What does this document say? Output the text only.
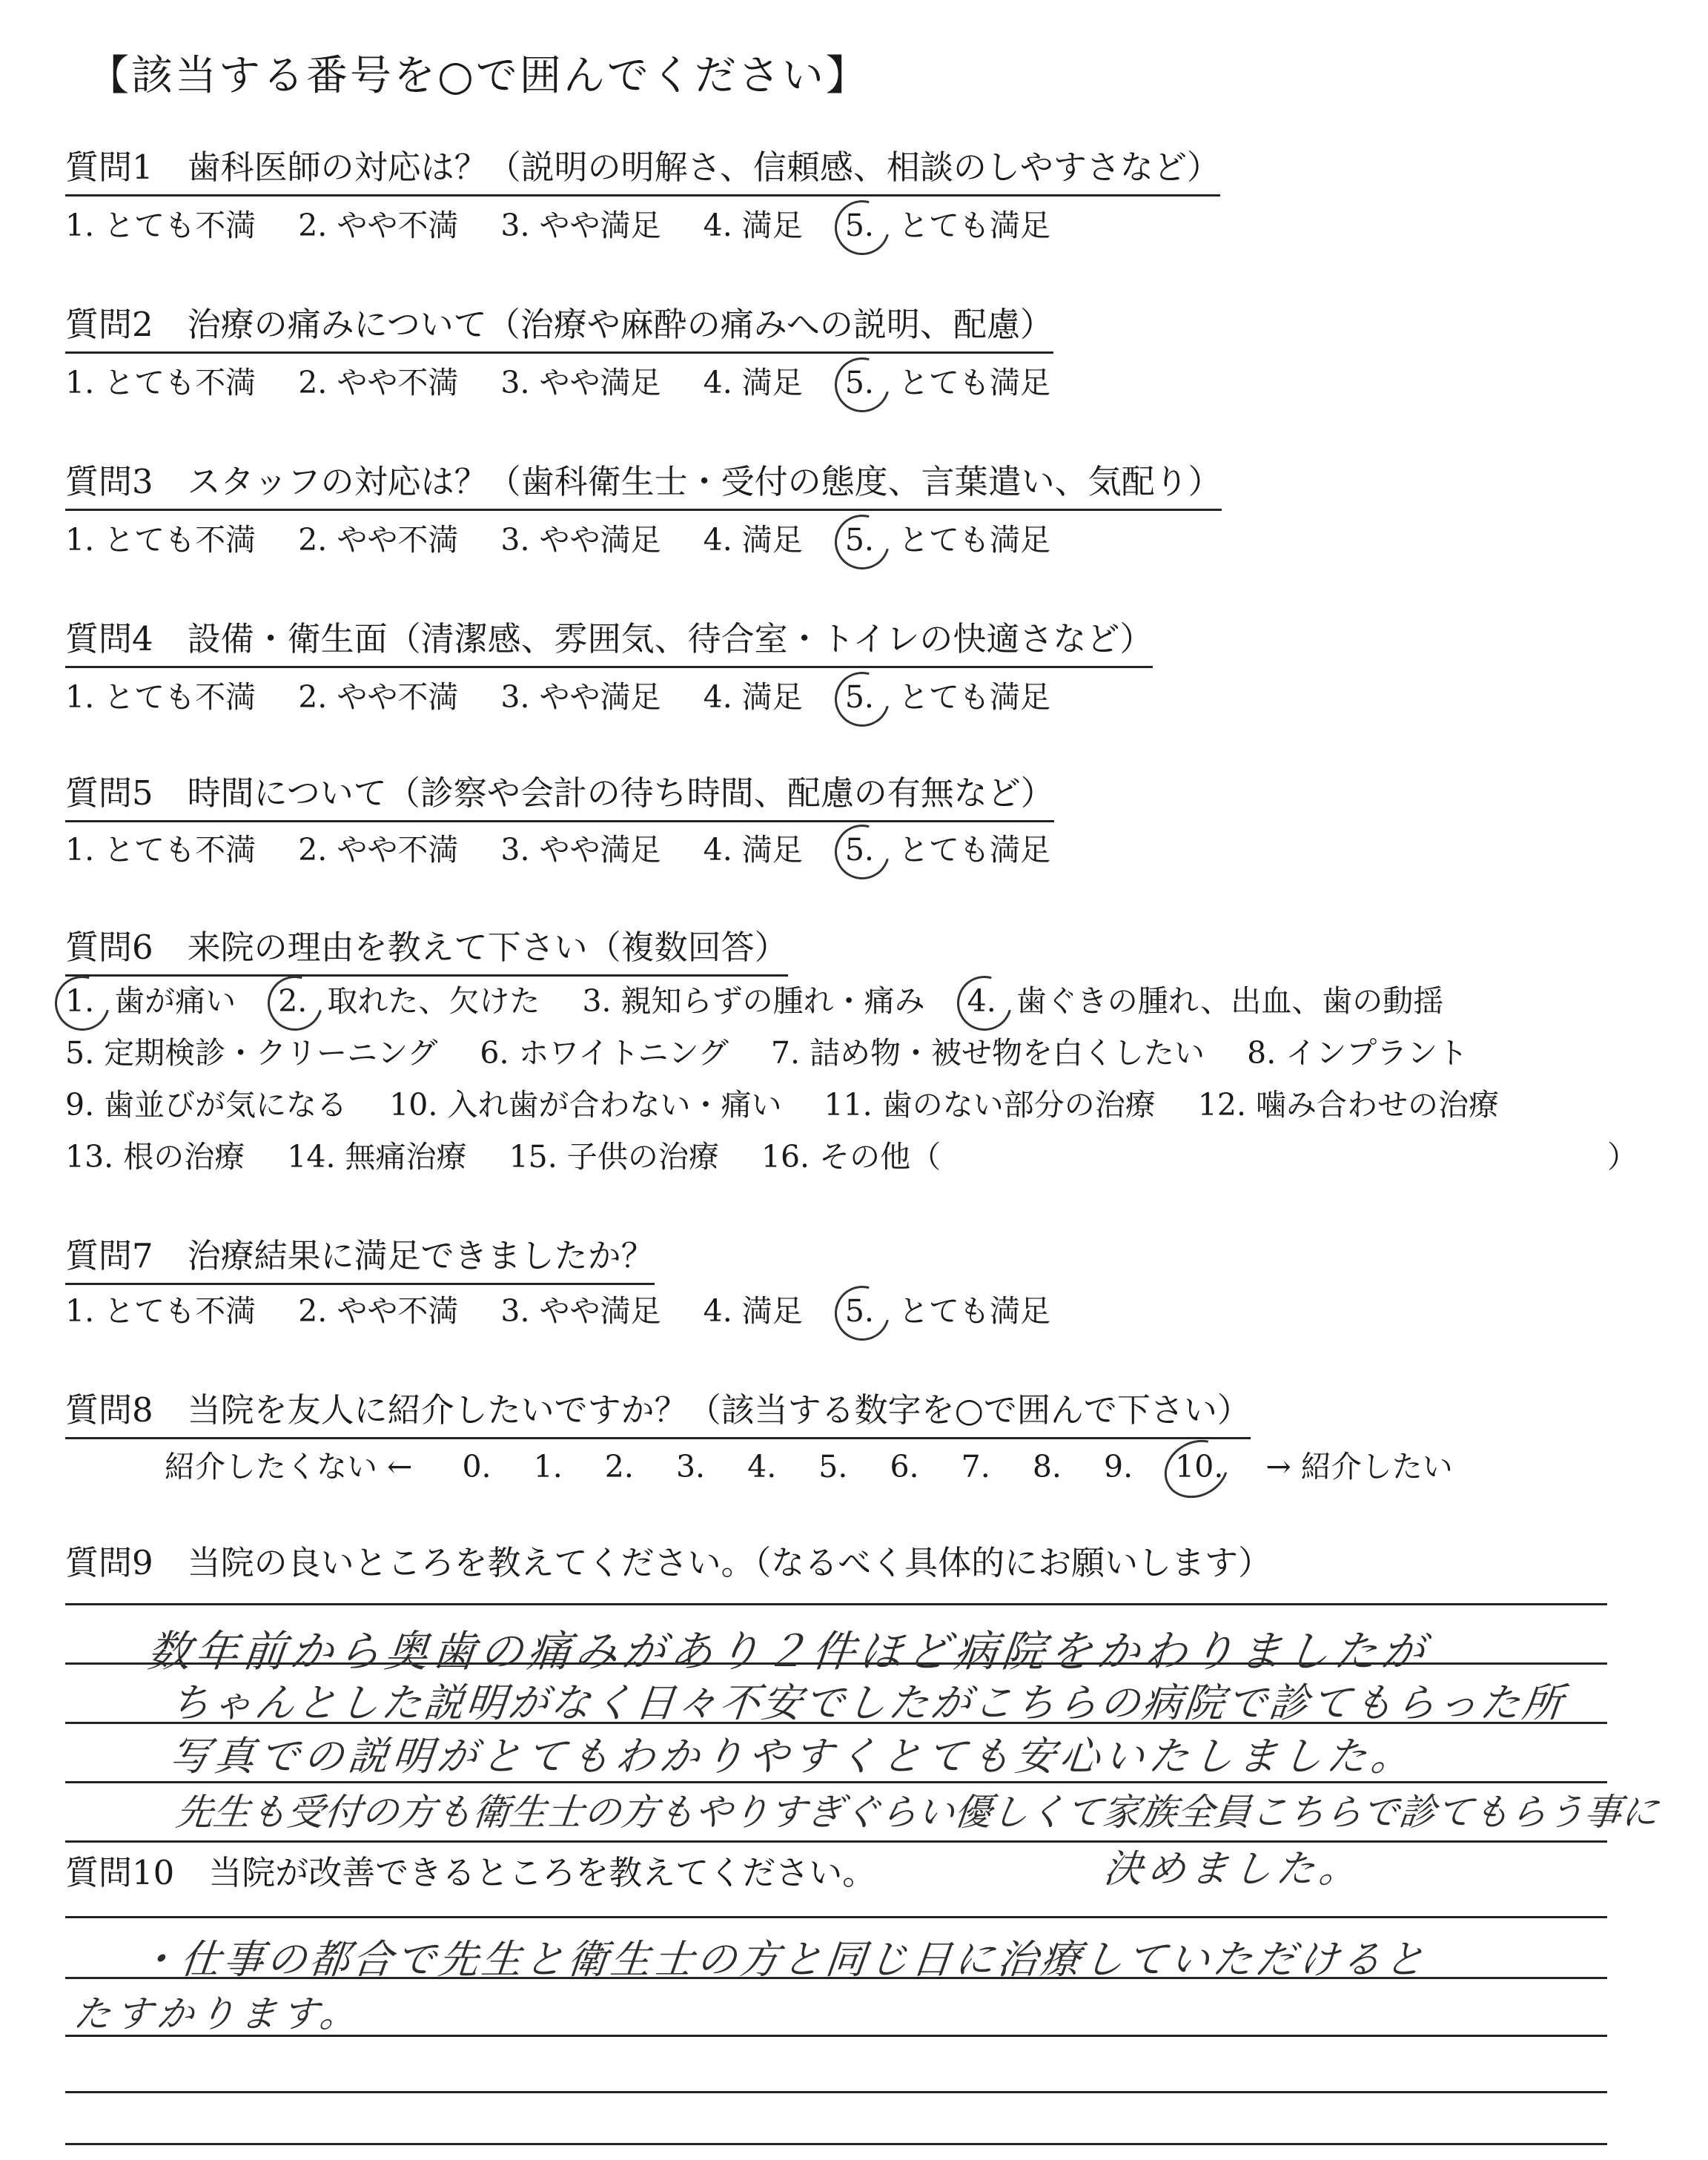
【該当する番号を○で囲んでください】
質問1 歯科医師の対応は？（説明の明解さ、信頼感、相談のしやすさなど）
1. とても不満 2. やや不満 3. やや満足 4. 満足 5. とても満足
質問2 治療の痛みについて（治療や麻酔の痛みへの説明、配慮）
1. とても不満 2. やや不満 3. やや満足 4. 満足 5. とても満足
質問3 スタッフの対応は？（歯科衛生士・受付の態度、言葉遣い、気配り）
1. とても不満 2. やや不満 3. やや満足 4. 満足 5. とても満足
質問4 設備・衛生面（清潔感、雰囲気、待合室・トイレの快適さなど）
1. とても不満 2. やや不満 3. やや満足 4. 満足 5. とても満足
質問5 時間について（診察や会計の待ち時間、配慮の有無など）
1. とても不満 2. やや不満 3. やや満足 4. 満足 5. とても満足
質問6 来院の理由を教えて下さい（複数回答）
1. 歯が痛い 2. 取れた、欠けた 3. 親知らずの腫れ・痛み 4. 歯ぐきの腫れ、出血、歯の動揺
5. 定期検診・クリーニング 6. ホワイトニング 7. 詰め物・被せ物を白くしたい 8. インプラント
9. 歯並びが気になる 10. 入れ歯が合わない・痛い 11. 歯のない部分の治療 12. 噛み合わせの治療
13. 根の治療 14. 無痛治療 15. 子供の治療 16. その他（	）
質問7 治療結果に満足できましたか？
1. とても不満 2. やや不満 3. やや満足 4. 満足 5. とても満足
質問8 当院を友人に紹介したいですか？（該当する数字を○で囲んで下さい）
紹介したくない ← 0. 1. 2. 3. 4. 5. 6. 7. 8. 9. 10. → 紹介したい
質問9 当院の良いところを教えてください。（なるべく具体的にお願いします）
数年前から奥歯の痛みがあり２件ほど病院をかわりましたが
ちゃんとした説明がなく日々不安でしたがこちらの病院で診てもらった所
写真での説明がとてもわかりやすくとても安心いたしました。
先生も受付の方も衛生士の方もやりすぎぐらい優しくて家族全員こちらで診てもらう事に
決めました。
質問10 当院が改善できるところを教えてください。
・仕事の都合で先生と衛生士の方と同じ日に治療していただけると
たすかります。
